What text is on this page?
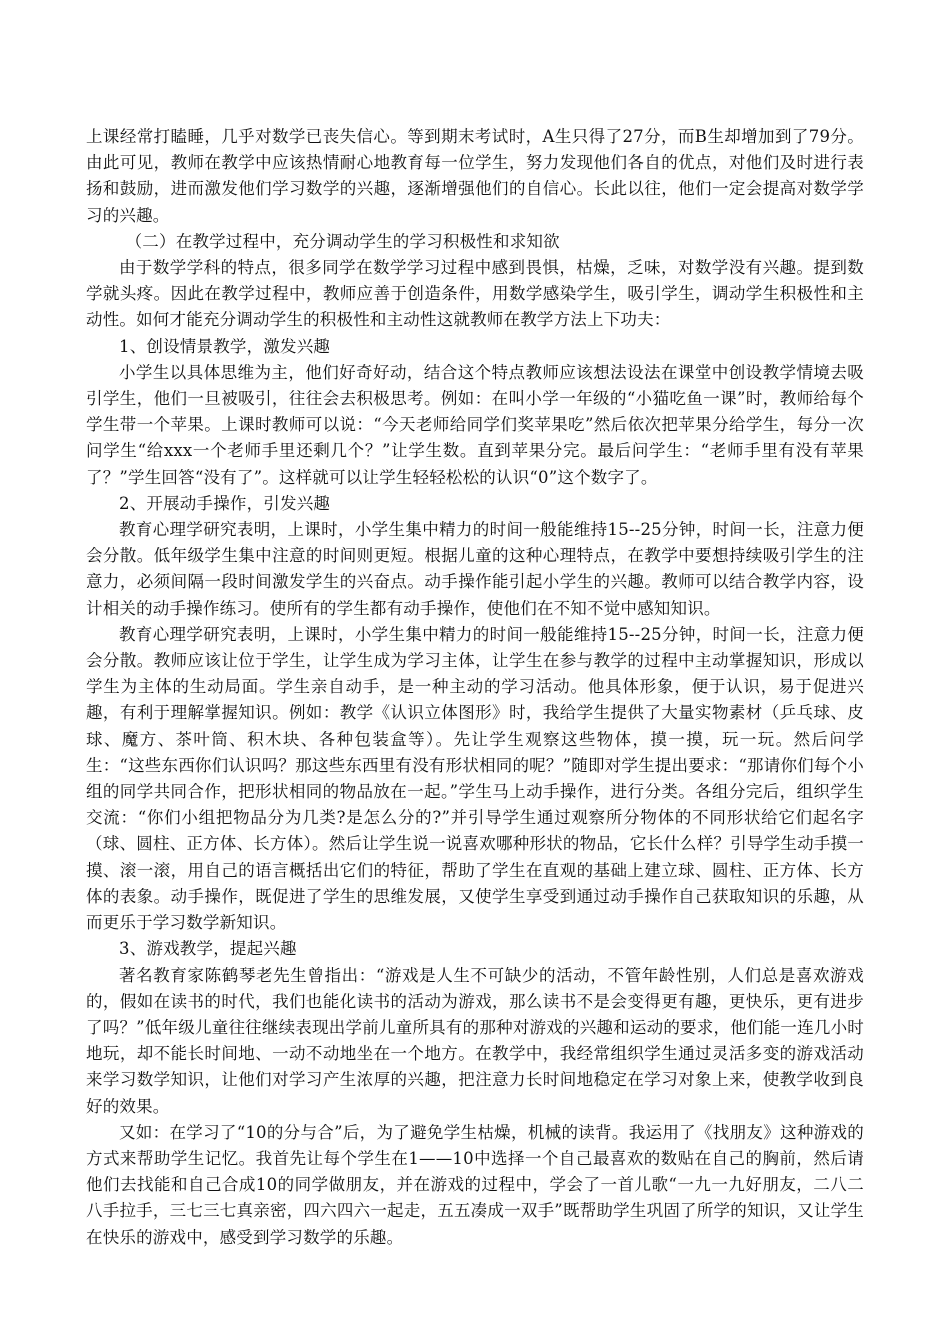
上课经常打瞌睡，几乎对数学已丧失信心。等到期末考试时，A生只得了27分，而B生却增加到了79分。由此可见，教师在教学中应该热情耐心地教育每一位学生，努力发现他们各自的优点，对他们及时进行表扬和鼓励，进而激发他们学习数学的兴趣，逐渐增强他们的自信心。长此以往，他们一定会提高对数学学习的兴趣。

（二）在教学过程中，充分调动学生的学习积极性和求知欲

由于数学学科的特点，很多同学在数学学习过程中感到畏惧，枯燥，乏味，对数学没有兴趣。提到数学就头疼。因此在教学过程中，教师应善于创造条件，用数学感染学生，吸引学生，调动学生积极性和主动性。如何才能充分调动学生的积极性和主动性这就教师在教学方法上下功夫：

1、创设情景教学，激发兴趣

小学生以具体思维为主，他们好奇好动，结合这个特点教师应该想法设法在课堂中创设教学情境去吸引学生，他们一旦被吸引，往往会去积极思考。例如：在叫小学一年级的“小猫吃鱼一课”时，教师给每个学生带一个苹果。上课时教师可以说：“今天老师给同学们奖苹果吃”然后依次把苹果分给学生，每分一次问学生“给xxx一个老师手里还剩几个？”让学生数。直到苹果分完。最后问学生：“老师手里有没有苹果了？”学生回答“没有了”。这样就可以让学生轻轻松松的认识“0”这个数字了。

2、开展动手操作，引发兴趣

教育心理学研究表明，上课时，小学生集中精力的时间一般能维持15--25分钟，时间一长，注意力便会分散。低年级学生集中注意的时间则更短。根据儿童的这种心理特点，在教学中要想持续吸引学生的注意力，必须间隔一段时间激发学生的兴奋点。动手操作能引起小学生的兴趣。教师可以结合教学内容，设计相关的动手操作练习。使所有的学生都有动手操作，使他们在不知不觉中感知知识。

教育心理学研究表明，上课时，小学生集中精力的时间一般能维持15--25分钟，时间一长，注意力便会分散。教师应该让位于学生，让学生成为学习主体，让学生在参与教学的过程中主动掌握知识，形成以学生为主体的生动局面。学生亲自动手，是一种主动的学习活动。他具体形象，便于认识，易于促进兴趣，有利于理解掌握知识。例如：教学《认识立体图形》时，我给学生提供了大量实物素材（乒乓球、皮球、魔方、茶叶筒、积木块、各种包装盒等）。先让学生观察这些物体，摸一摸，玩一玩。然后问学生：“这些东西你们认识吗？那这些东西里有没有形状相同的呢？”随即对学生提出要求：“那请你们每个小组的同学共同合作，把形状相同的物品放在一起。”学生马上动手操作，进行分类。各组分完后，组织学生交流：“你们小组把物品分为几类?是怎么分的?”并引导学生通过观察所分物体的不同形状给它们起名字（球、圆柱、正方体、长方体）。然后让学生说一说喜欢哪种形状的物品，它长什么样？引导学生动手摸一摸、滚一滚，用自己的语言概括出它们的特征，帮助了学生在直观的基础上建立球、圆柱、正方体、长方体的表象。动手操作，既促进了学生的思维发展，又使学生享受到通过动手操作自己获取知识的乐趣，从而更乐于学习数学新知识。

3、游戏教学，提起兴趣

著名教育家陈鹤琴老先生曾指出：“游戏是人生不可缺少的活动，不管年龄性别，人们总是喜欢游戏的，假如在读书的时代，我们也能化读书的活动为游戏，那么读书不是会变得更有趣，更快乐，更有进步了吗？”低年级儿童往往继续表现出学前儿童所具有的那种对游戏的兴趣和运动的要求，他们能一连几小时地玩，却不能长时间地、一动不动地坐在一个地方。在教学中，我经常组织学生通过灵活多变的游戏活动来学习数学知识，让他们对学习产生浓厚的兴趣，把注意力长时间地稳定在学习对象上来，使教学收到良好的效果。

又如：在学习了“10的分与合”后，为了避免学生枯燥，机械的读背。我运用了《找朋友》这种游戏的方式来帮助学生记忆。我首先让每个学生在1——10中选择一个自己最喜欢的数贴在自己的胸前，然后请他们去找能和自己合成10的同学做朋友，并在游戏的过程中，学会了一首儿歌“一九一九好朋友，二八二八手拉手，三七三七真亲密，四六四六一起走，五五凑成一双手”既帮助学生巩固了所学的知识，又让学生在快乐的游戏中，感受到学习数学的乐趣。
